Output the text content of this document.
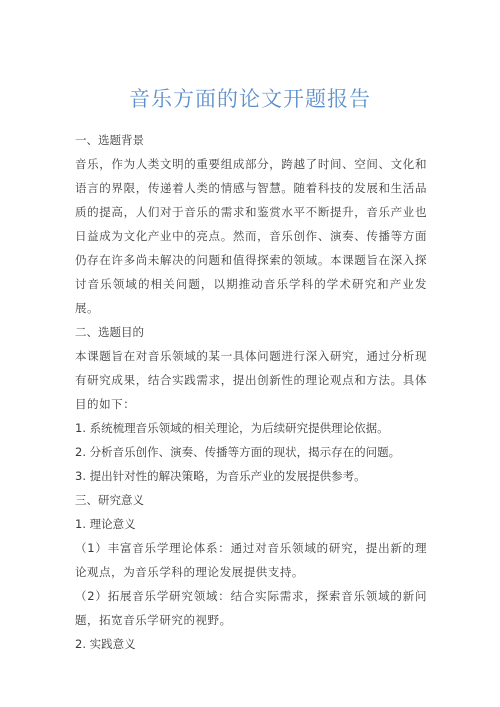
音乐方面的论文开题报告

一、选题背景

音乐，作为人类文明的重要组成部分，跨越了时间、空间、文化和语言的界限，传递着人类的情感与智慧。随着科技的发展和生活品质的提高，人们对于音乐的需求和鉴赏水平不断提升，音乐产业也日益成为文化产业中的亮点。然而，音乐创作、演奏、传播等方面仍存在许多尚未解决的问题和值得探索的领域。本课题旨在深入探讨音乐领域的相关问题，以期推动音乐学科的学术研究和产业发展。

二、选题目的

本课题旨在对音乐领域的某一具体问题进行深入研究，通过分析现有研究成果，结合实践需求，提出创新性的理论观点和方法。具体目的如下：

1. 系统梳理音乐领域的相关理论，为后续研究提供理论依据。

2. 分析音乐创作、演奏、传播等方面的现状，揭示存在的问题。

3. 提出针对性的解决策略，为音乐产业的发展提供参考。

三、研究意义

1. 理论意义

（1）丰富音乐学理论体系：通过对音乐领域的研究，提出新的理论观点，为音乐学科的理论发展提供支持。

（2）拓展音乐学研究领域：结合实际需求，探索音乐领域的新问题，拓宽音乐学研究的视野。

2. 实践意义
